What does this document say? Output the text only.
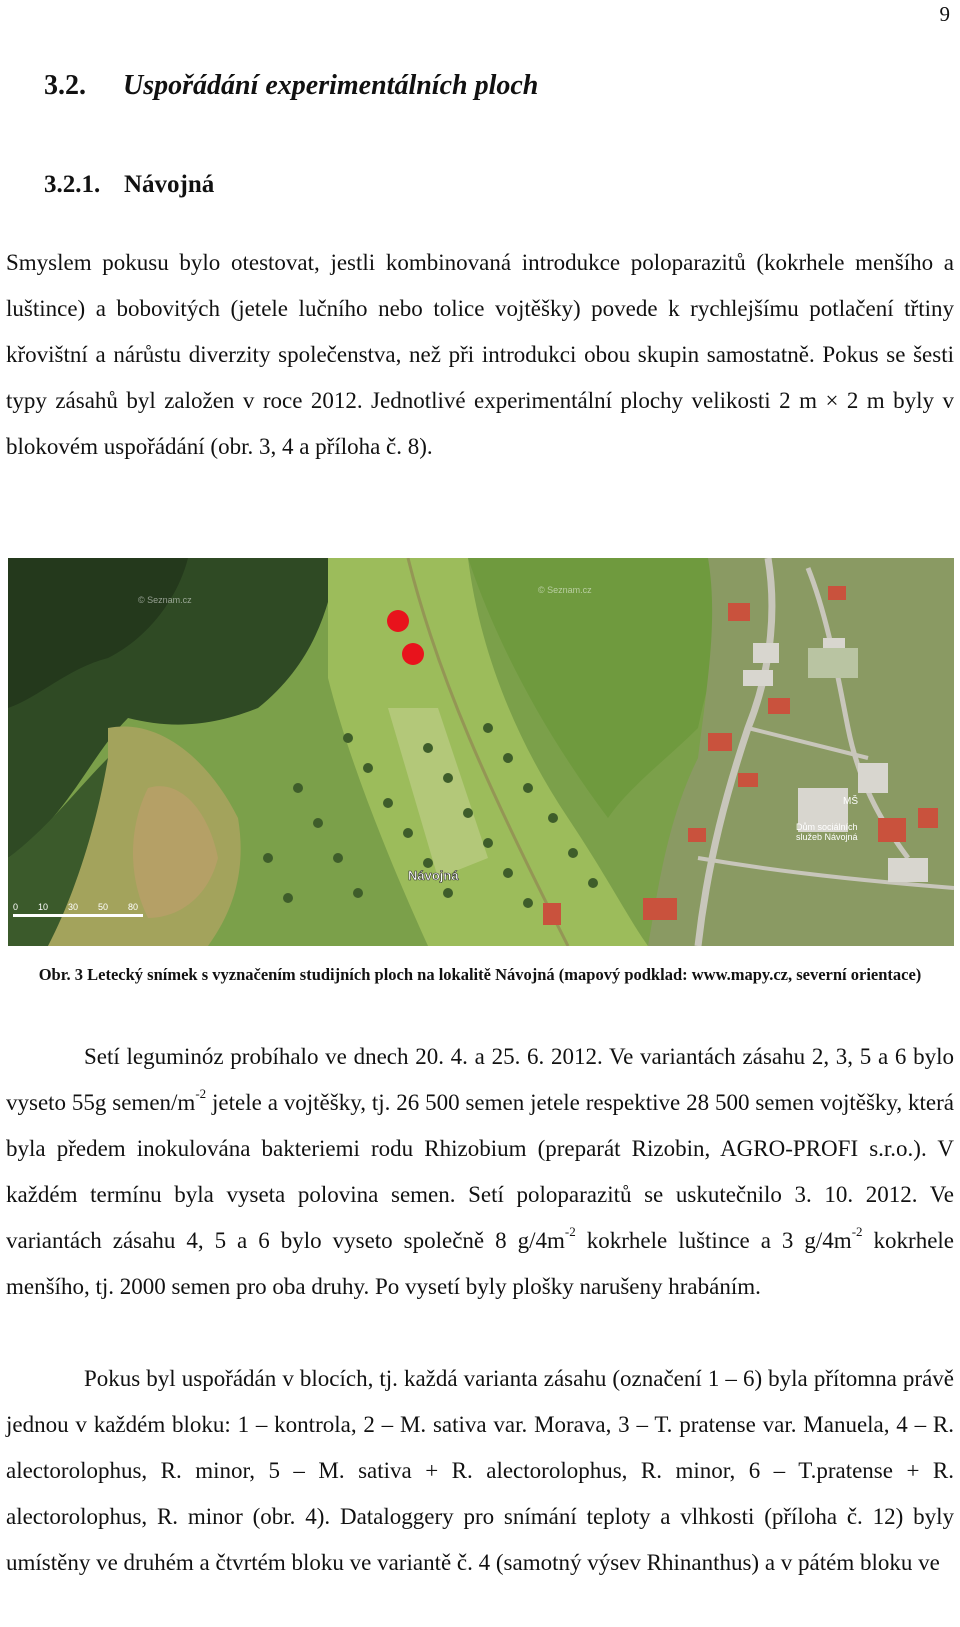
9
3.2. Uspořádání experimentálních ploch
3.2.1. Návojná

Smyslem pokusu bylo otestovat, jestli kombinovaná introdukce poloparazitů (kokrhele menšího a luštince) a bobovitých (jetele lučního nebo tolice vojtěšky) povede k rychlejšímu potlačení třtiny křovištní a nárůstu diverzity společenstva, než při introdukci obou skupin samostatně. Pokus se šesti typy zásahů byl založen v roce 2012. Jednotlivé experimentální plochy velikosti 2 m × 2 m byly v blokovém uspořádání (obr. 3, 4 a příloha č. 8).

Návojná
Dům sociálních
služeb Návojná
MŠ
0 10 30 50 80
© Seznam.cz
© Seznam.cz
Obr. 3 Letecký snímek s vyznačením studijních ploch na lokalitě Návojná (mapový podklad: www.mapy.cz, severní orientace)

Setí leguminóz probíhalo ve dnech 20. 4. a 25. 6. 2012. Ve variantách zásahu 2, 3, 5 a 6 bylo vyseto 55g semen/$m^{-2}$ jetele a vojtěšky, tj. 26 500 semen jetele respektive 28 500 semen vojtěšky, která byla předem inokulována bakteriemi rodu Rhizobium (preparát Rizobin, AGRO-PROFI s.r.o.). V každém termínu byla vyseta polovina semen. Setí poloparazitů se uskutečnilo 3. 10. 2012. Ve variantách zásahu 4, 5 a 6 bylo vyseto společně 8 $g/4m^{-2}$ kokrhele luštince a 3 $g/4m^{-2}$ kokrhele menšího, tj. 2000 semen pro oba druhy. Po vysetí byly plošky narušeny hrabáním.

Pokus byl uspořádán v blocích, tj. každá varianta zásahu (označení 1 – 6) byla přítomna právě jednou v každém bloku: 1 – kontrola, 2 – M. sativa var. Morava, 3 – T. pratense var. Manuela, 4 – R. alectorolophus, R. minor, 5 – M. sativa + R. alectorolophus, R. minor, 6 – T.pratense + R. alectorolophus, R. minor (obr. 4). Dataloggery pro snímání teploty a vlhkosti (příloha č. 12) byly umístěny ve druhém a čtvrtém bloku ve variantě č. 4 (samotný výsev Rhinanthus) a v pátém bloku ve
